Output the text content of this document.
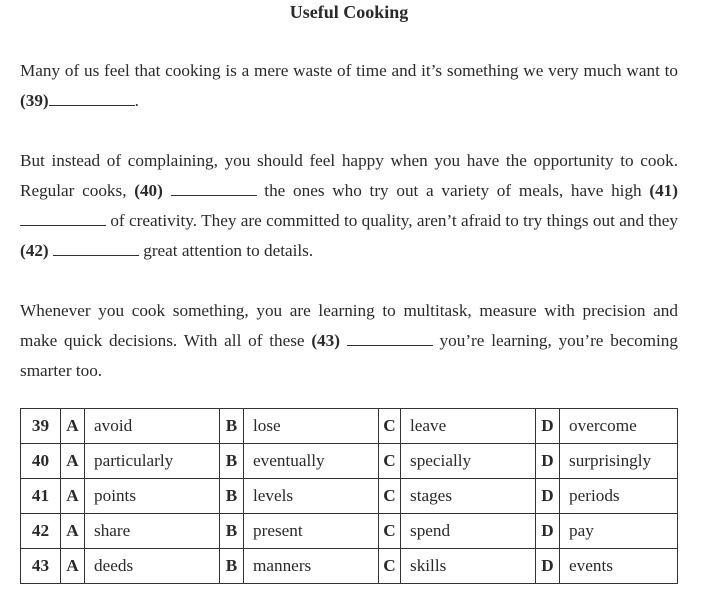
Useful Cooking

Many of us feel that cooking is a mere waste of time and it’s something we very much want to (39)	.

But instead of complaining, you should feel happy when you have the opportunity to cook. Regular cooks, (40)	the ones who try out a variety of meals, have high (41)  of creativity. They are committed to quality, aren’t afraid to try things out and they (42)	great attention to details.

Whenever you cook something, you are learning to multitask, measure with precision and make quick decisions. With all of these (43)	you’re learning, you’re becoming smarter too.

39	A	avoid	B	lose	C	leave	D	overcome
40	A	particularly	B	eventually	C	specially	D	surprisingly
41	A	points	B	levels	C	stages	D	periods
42	A	share	B	present	C	spend	D	pay
43	A	deeds	B	manners	C	skills	D	events
